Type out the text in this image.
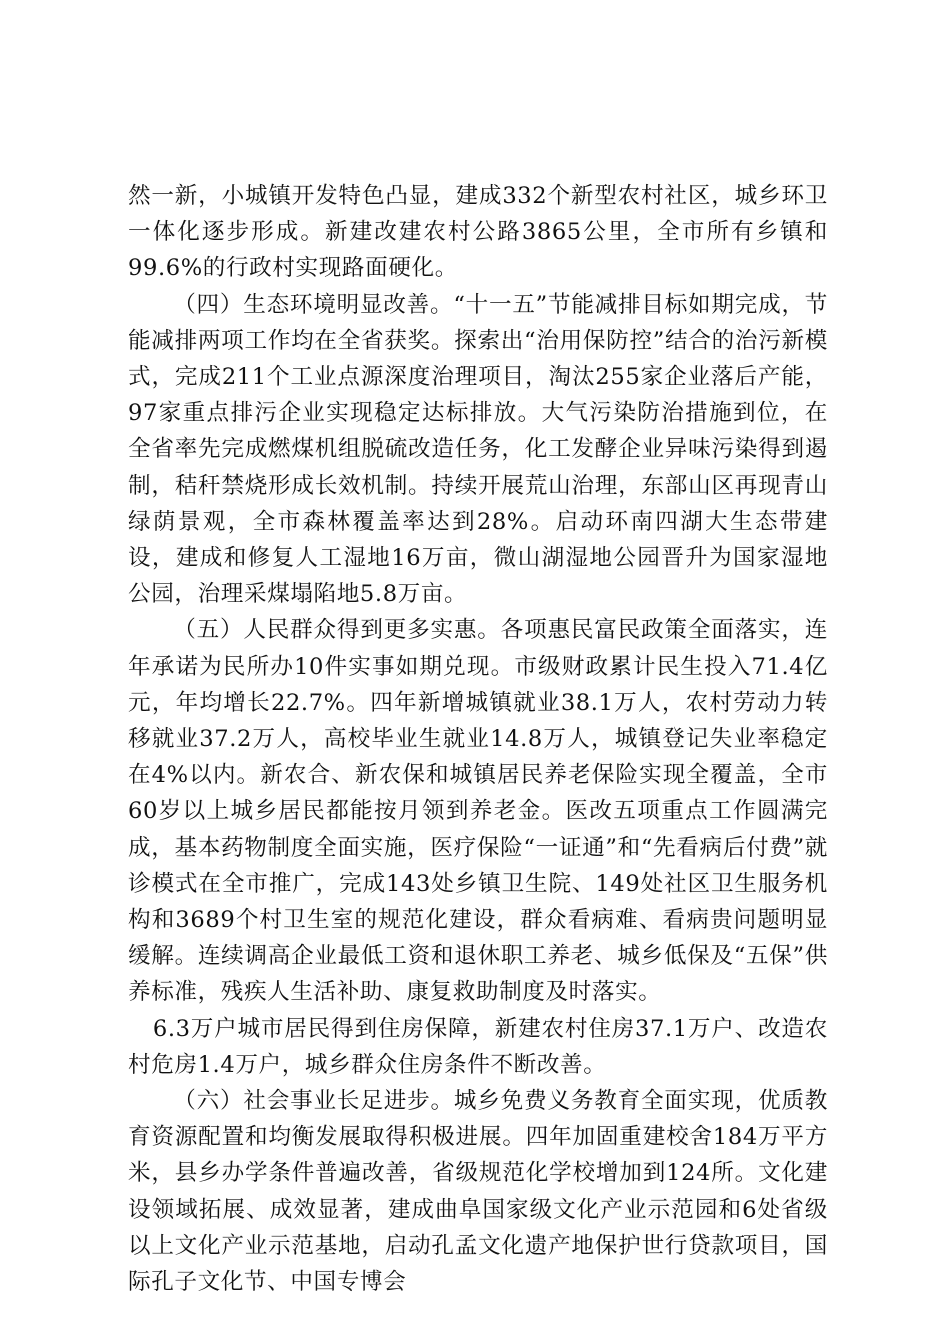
然一新，小城镇开发特色凸显，建成332个新型农村社区，城乡环卫一体化逐步形成。新建改建农村公路3865公里，全市所有乡镇和99.6%的行政村实现路面硬化。

（四）生态环境明显改善。“十一五”节能减排目标如期完成，节能减排两项工作均在全省获奖。探索出“治用保防控”结合的治污新模式，完成211个工业点源深度治理项目，淘汰255家企业落后产能，97家重点排污企业实现稳定达标排放。大气污染防治措施到位，在全省率先完成燃煤机组脱硫改造任务，化工发酵企业异味污染得到遏制，秸秆禁烧形成长效机制。持续开展荒山治理，东部山区再现青山绿荫景观，全市森林覆盖率达到28%。启动环南四湖大生态带建设，建成和修复人工湿地16万亩，微山湖湿地公园晋升为国家湿地公园，治理采煤塌陷地5.8万亩。

（五）人民群众得到更多实惠。各项惠民富民政策全面落实，连年承诺为民所办10件实事如期兑现。市级财政累计民生投入71.4亿元，年均增长22.7%。四年新增城镇就业38.1万人，农村劳动力转移就业37.2万人，高校毕业生就业14.8万人，城镇登记失业率稳定在4%以内。新农合、新农保和城镇居民养老保险实现全覆盖，全市60岁以上城乡居民都能按月领到养老金。医改五项重点工作圆满完成，基本药物制度全面实施，医疗保险“一证通”和“先看病后付费”就诊模式在全市推广，完成143处乡镇卫生院、149处社区卫生服务机构和3689个村卫生室的规范化建设，群众看病难、看病贵问题明显缓解。连续调高企业最低工资和退休职工养老、城乡低保及“五保”供养标准，残疾人生活补助、康复救助制度及时落实。

6.3万户城市居民得到住房保障，新建农村住房37.1万户、改造农村危房1.4万户，城乡群众住房条件不断改善。

（六）社会事业长足进步。城乡免费义务教育全面实现，优质教育资源配置和均衡发展取得积极进展。四年加固重建校舍184万平方米，县乡办学条件普遍改善，省级规范化学校增加到124所。文化建设领域拓展、成效显著，建成曲阜国家级文化产业示范园和6处省级以上文化产业示范基地，启动孔孟文化遗产地保护世行贷款项目，国际孔子文化节、中国专博会
